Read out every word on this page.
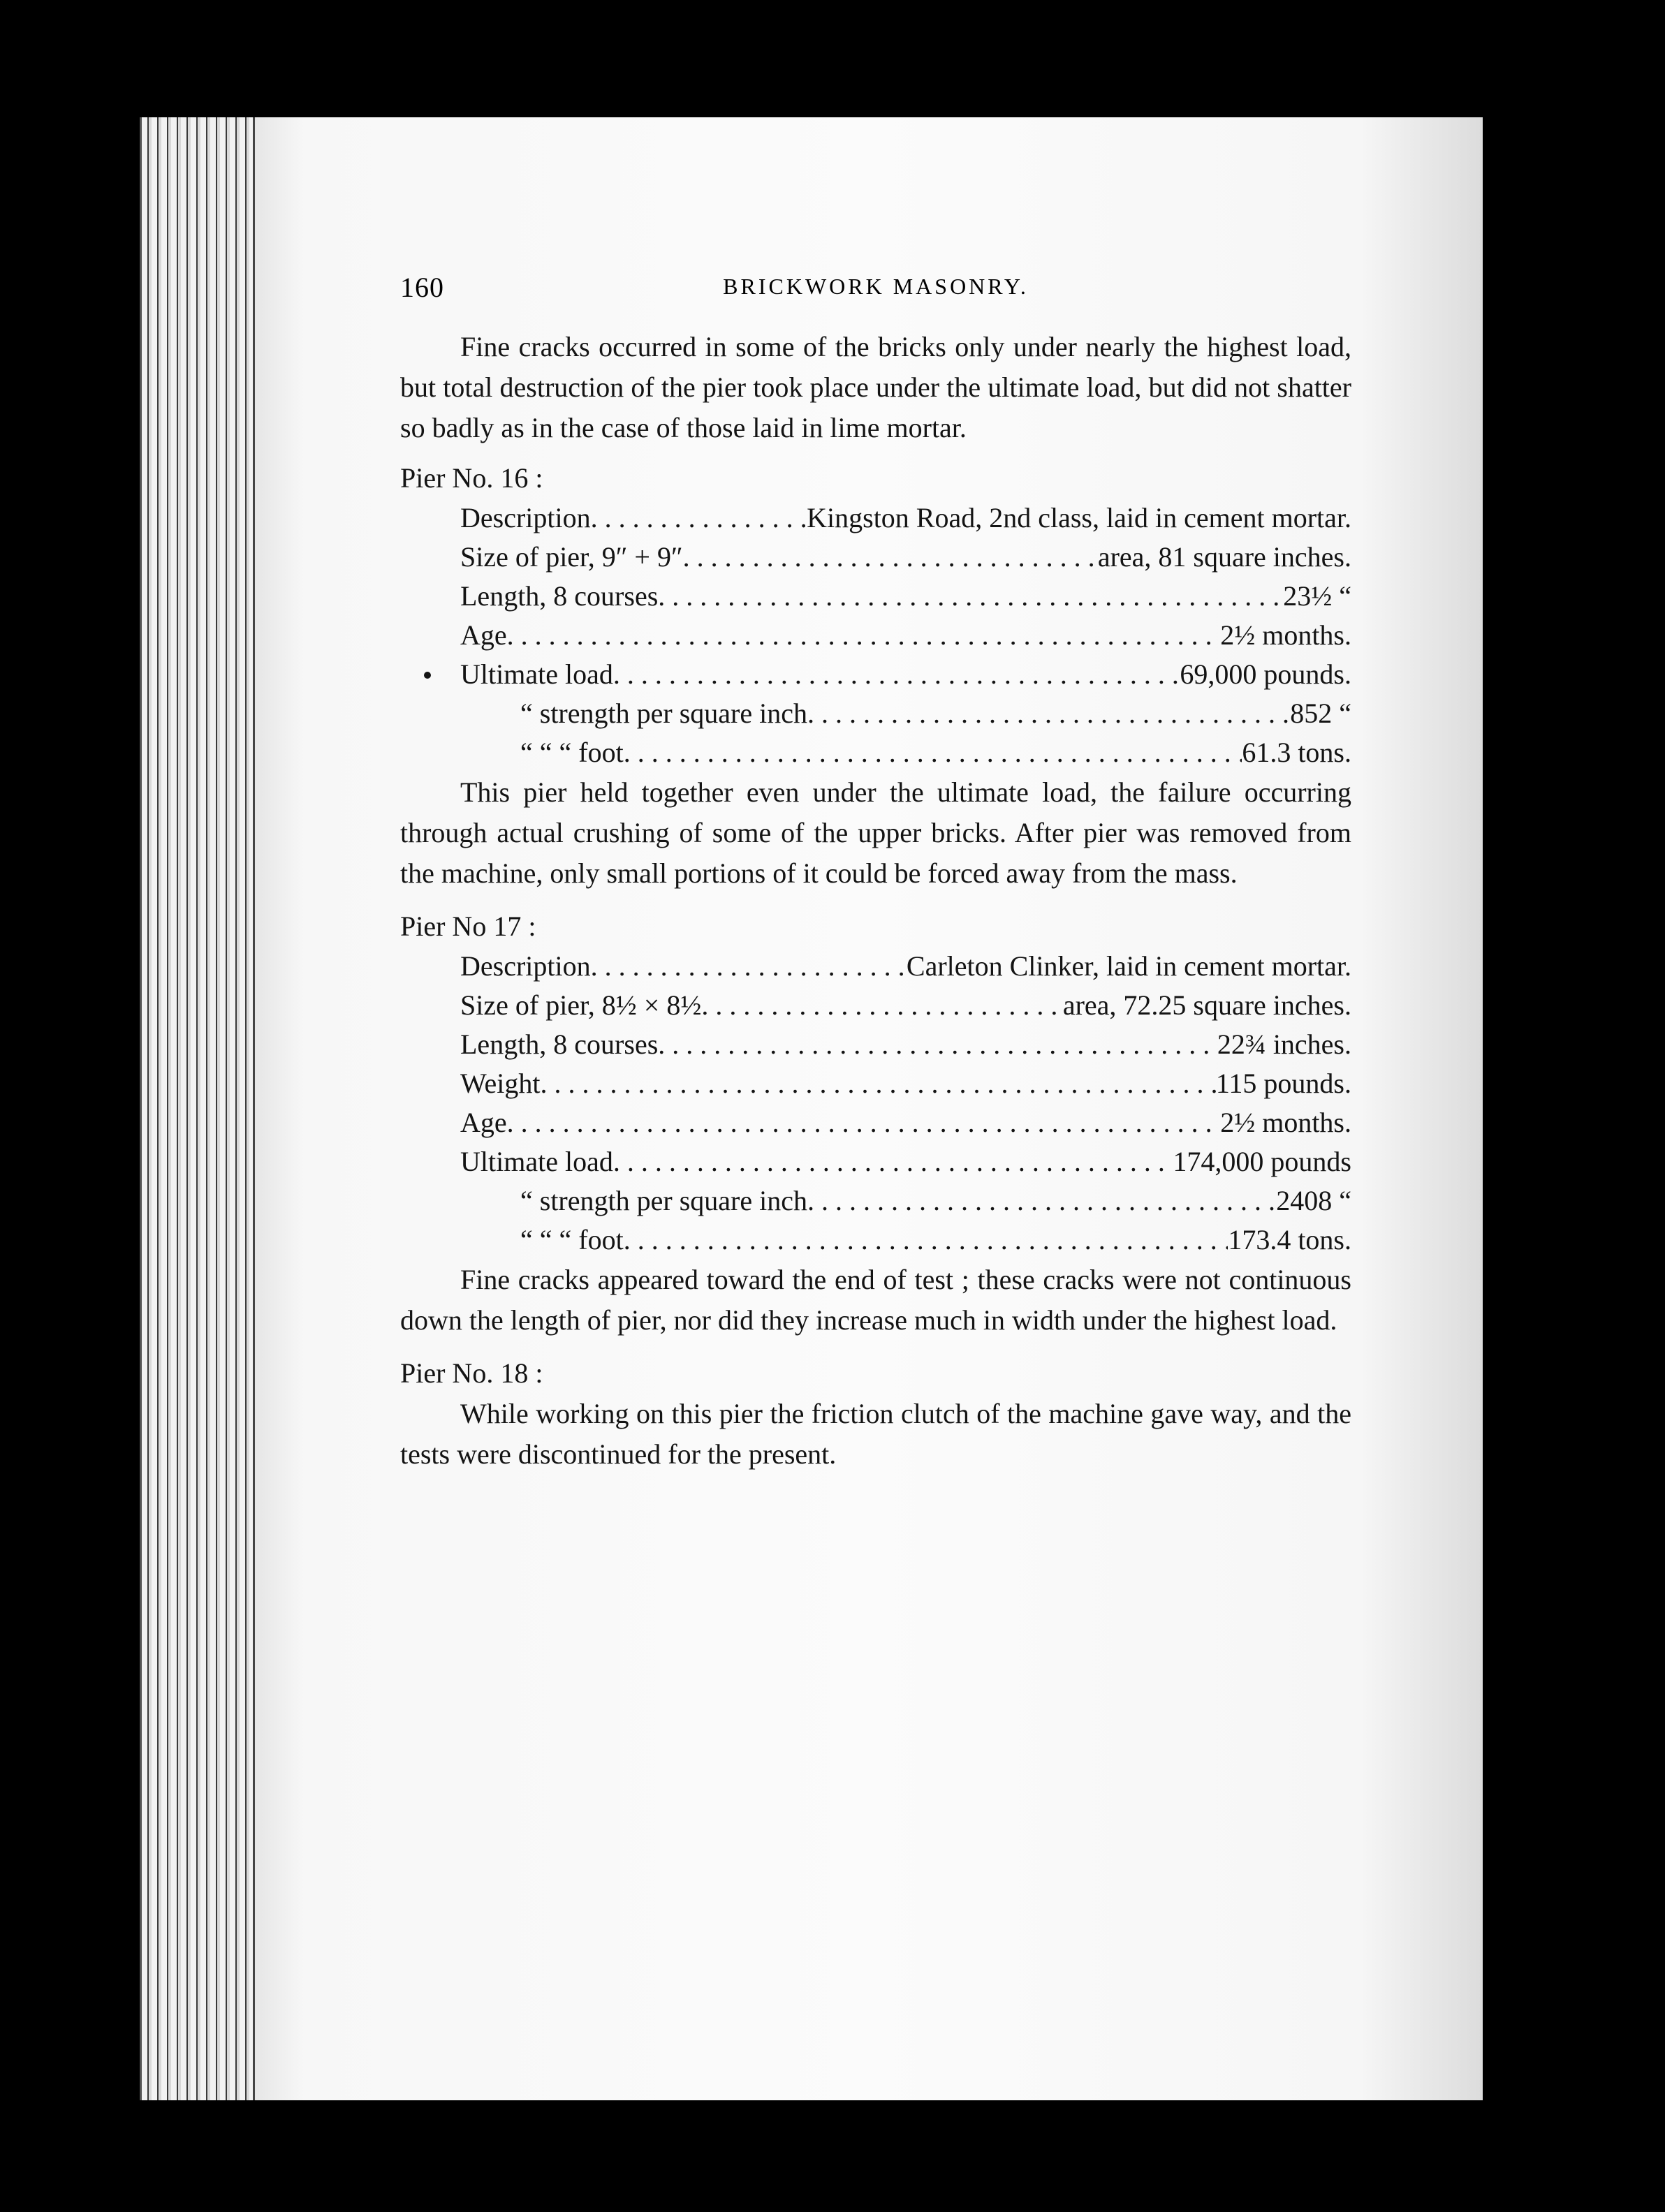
160	BRICKWORK MASONRY.

Fine cracks occurred in some of the bricks only under nearly the highest load, but total destruction of the pier took place under the ultimate load, but did not shatter so badly as in the case of those laid in lime mortar.

Pier No. 16 :

Description . . .	Kingston Road, 2nd class, laid in cement mortar.
Size of pier, 9″ + 9″ . . .	area, 81 square inches.
Length, 8 courses . . .	23½ “
Age . . .	2½ months.
Ultimate load . . .	69,000 pounds.
“ strength per square inch . . .	852 “
“ “ “ foot . . .	61.3 tons.

This pier held together even under the ultimate load, the failure occurring through actual crushing of some of the upper bricks. After pier was removed from the machine, only small portions of it could be forced away from the mass.

Pier No 17 :

Description . . .	Carleton Clinker, laid in cement mortar.
Size of pier, 8½ × 8½ . . .	area, 72.25 square inches.
Length, 8 courses . . .	22¾ inches.
Weight . . .	115 pounds.
Age . . .	2½ months.
Ultimate load . . .	174,000 pounds
“ strength per square inch . . .	2408 “
“ “ “ foot . . .	173.4 tons.

Fine cracks appeared toward the end of test ; these cracks were not continuous down the length of pier, nor did they increase much in width under the highest load.

Pier No. 18 :

While working on this pier the friction clutch of the machine gave way, and the tests were discontinued for the present.
